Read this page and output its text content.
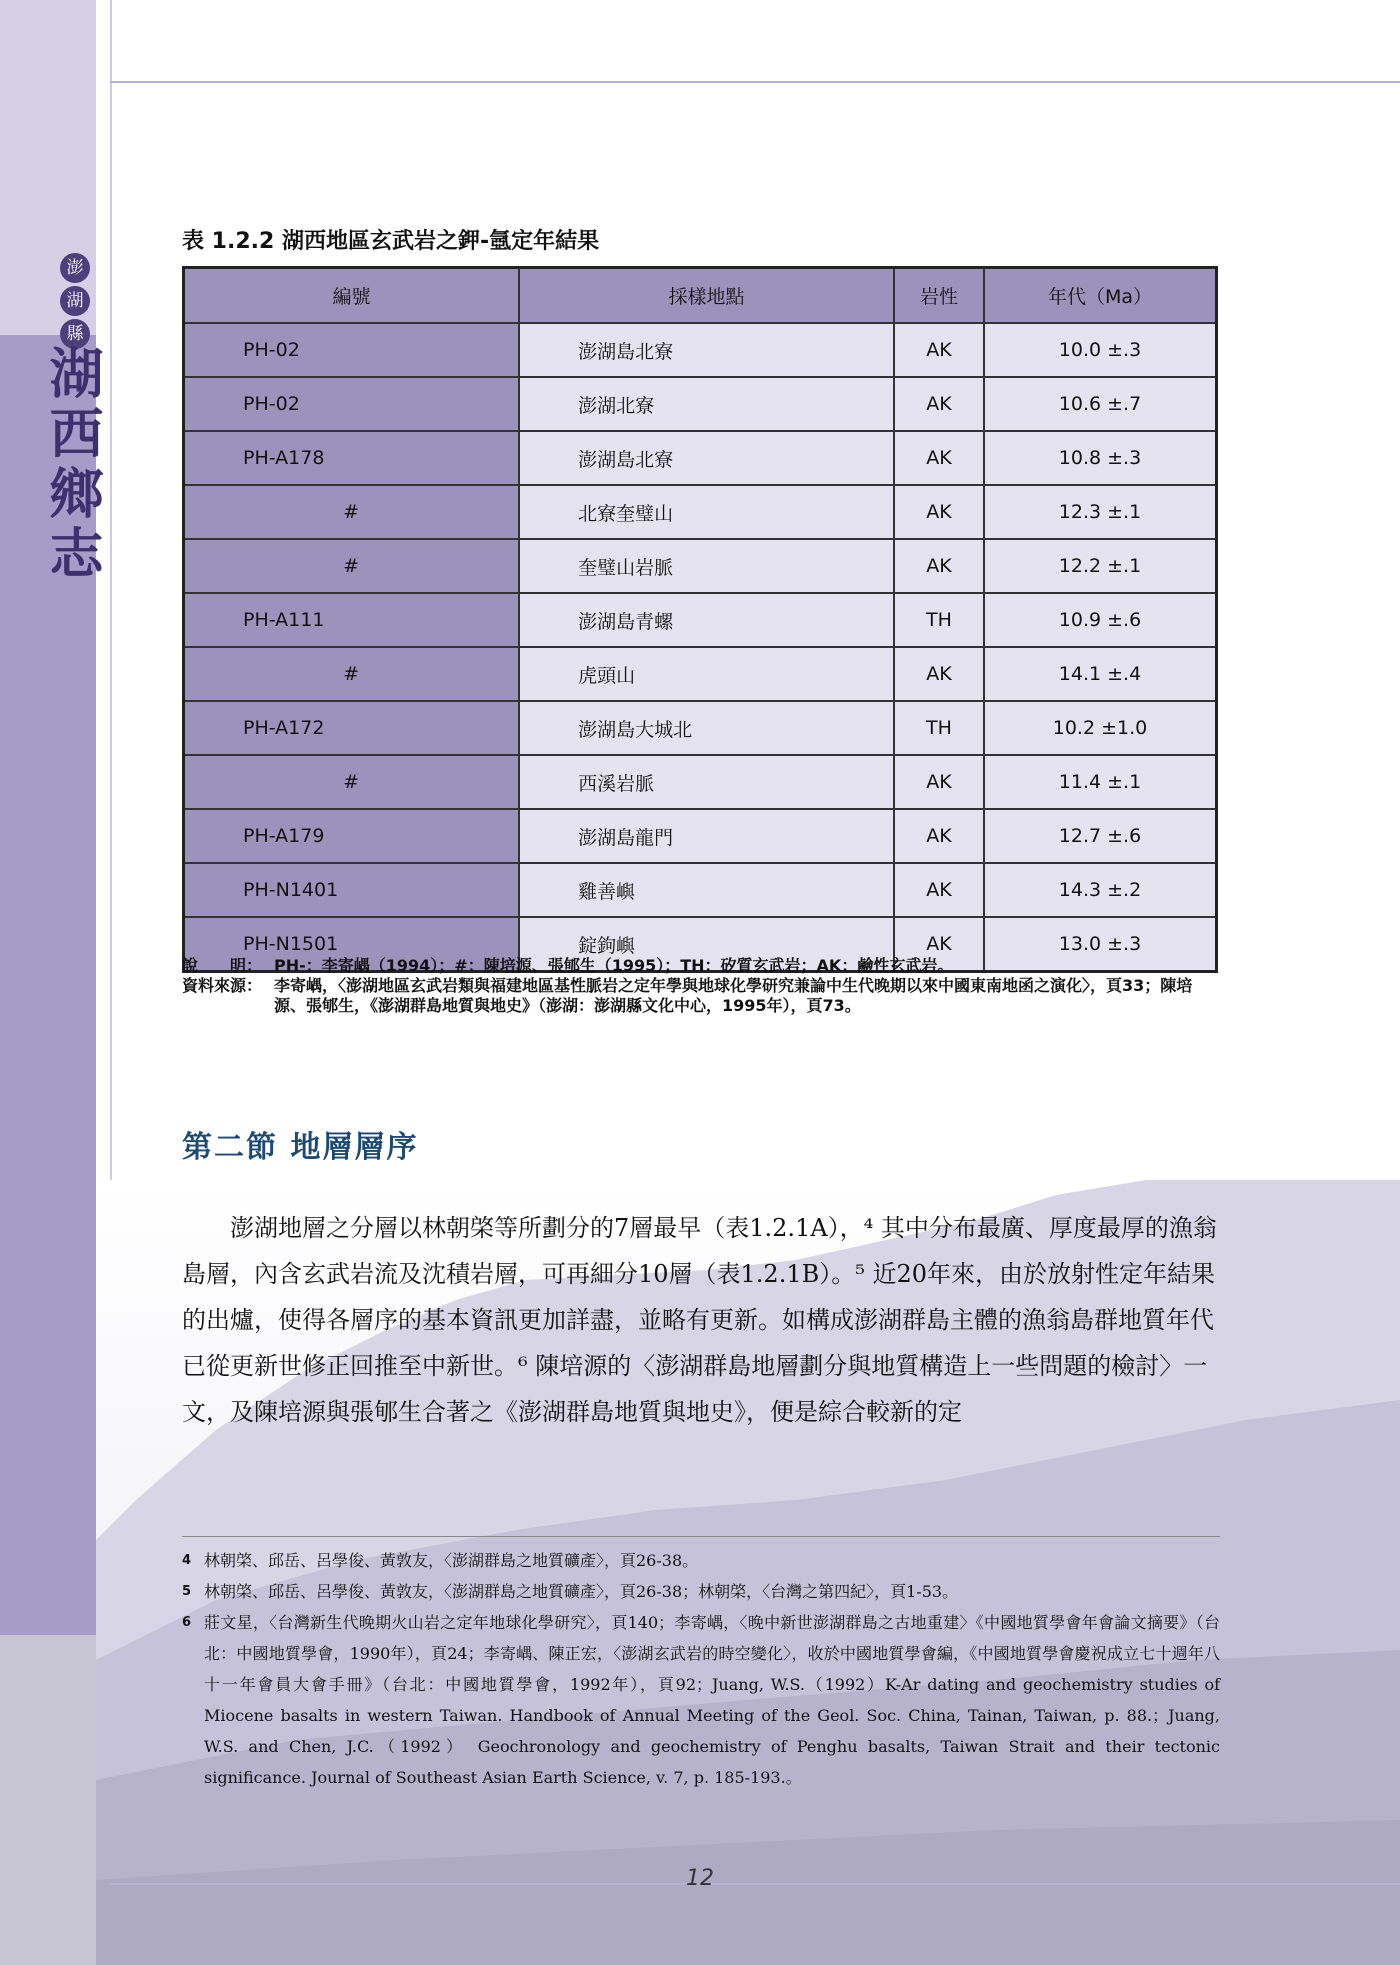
澎
湖
縣
湖西鄉志
表 1.2.2 湖西地區玄武岩之鉀-氬定年結果
編號	採樣地點	岩性	年代（Ma）
PH-02	澎湖島北寮	AK	10.0 ±.3
PH-02	澎湖北寮	AK	10.6 ±.7
PH-A178	澎湖島北寮	AK	10.8 ±.3
#	北寮奎璧山	AK	12.3 ±.1
#	奎璧山岩脈	AK	12.2 ±.1
PH-A111	澎湖島青螺	TH	10.9 ±.6
#	虎頭山	AK	14.1 ±.4
PH-A172	澎湖島大城北	TH	10.2 ±1.0
#	西溪岩脈	AK	11.4 ±.1
PH-A179	澎湖島龍門	AK	12.7 ±.6
PH-N1401	雞善嶼	AK	14.3 ±.2
PH-N1501	錠鉤嶼	AK	13.0 ±.3
說　　明： PH-：李寄嵎（1994）；#：陳培源、張郇生（1995）；TH：矽質玄武岩；AK：鹼性玄武岩。
資料來源： 李寄嵎，〈澎湖地區玄武岩類與福建地區基性脈岩之定年學與地球化學研究兼論中生代晚期以來中國東南地函之演化〉，頁33；陳培源、張郇生，《澎湖群島地質與地史》（澎湖：澎湖縣文化中心，1995年），頁73。
第二節 地層層序

澎湖地層之分層以林朝棨等所劃分的7層最早（表1.2.1A），⁴ 其中分布最廣、厚度最厚的漁翁島層，內含玄武岩流及沈積岩層，可再細分10層（表1.2.1B）。⁵ 近20年來，由於放射性定年結果的出爐，使得各層序的基本資訊更加詳盡，並略有更新。如構成澎湖群島主體的漁翁島群地質年代已從更新世修正回推至中新世。⁶ 陳培源的〈澎湖群島地層劃分與地質構造上一些問題的檢討〉一文，及陳培源與張郇生合著之《澎湖群島地質與地史》，便是綜合較新的定

4 林朝棨、邱岳、呂學俊、黃敦友，〈澎湖群島之地質礦產〉，頁26-38。
5 林朝棨、邱岳、呂學俊、黃敦友，〈澎湖群島之地質礦產〉，頁26-38；林朝棨，〈台灣之第四紀〉，頁1-53。
6 莊文星，〈台灣新生代晚期火山岩之定年地球化學研究〉，頁140；李寄嵎，〈晚中新世澎湖群島之古地重建〉《中國地質學會年會論文摘要》（台北：中國地質學會，1990年），頁24；李寄嵎、陳正宏，〈澎湖玄武岩的時空變化〉，收於中國地質學會編，《中國地質學會慶祝成立七十週年八十一年會員大會手冊》（台北：中國地質學會，1992年），頁92；Juang, W.S.（1992）K-Ar dating and geochemistry studies of Miocene basalts in western Taiwan. Handbook of Annual Meeting of the Geol. Soc. China, Tainan, Taiwan, p. 88.；Juang, W.S. and Chen, J.C.（1992） Geochronology and geochemistry of Penghu basalts, Taiwan Strait and their tectonic significance. Journal of Southeast Asian Earth Science, v. 7, p. 185-193.。
12
